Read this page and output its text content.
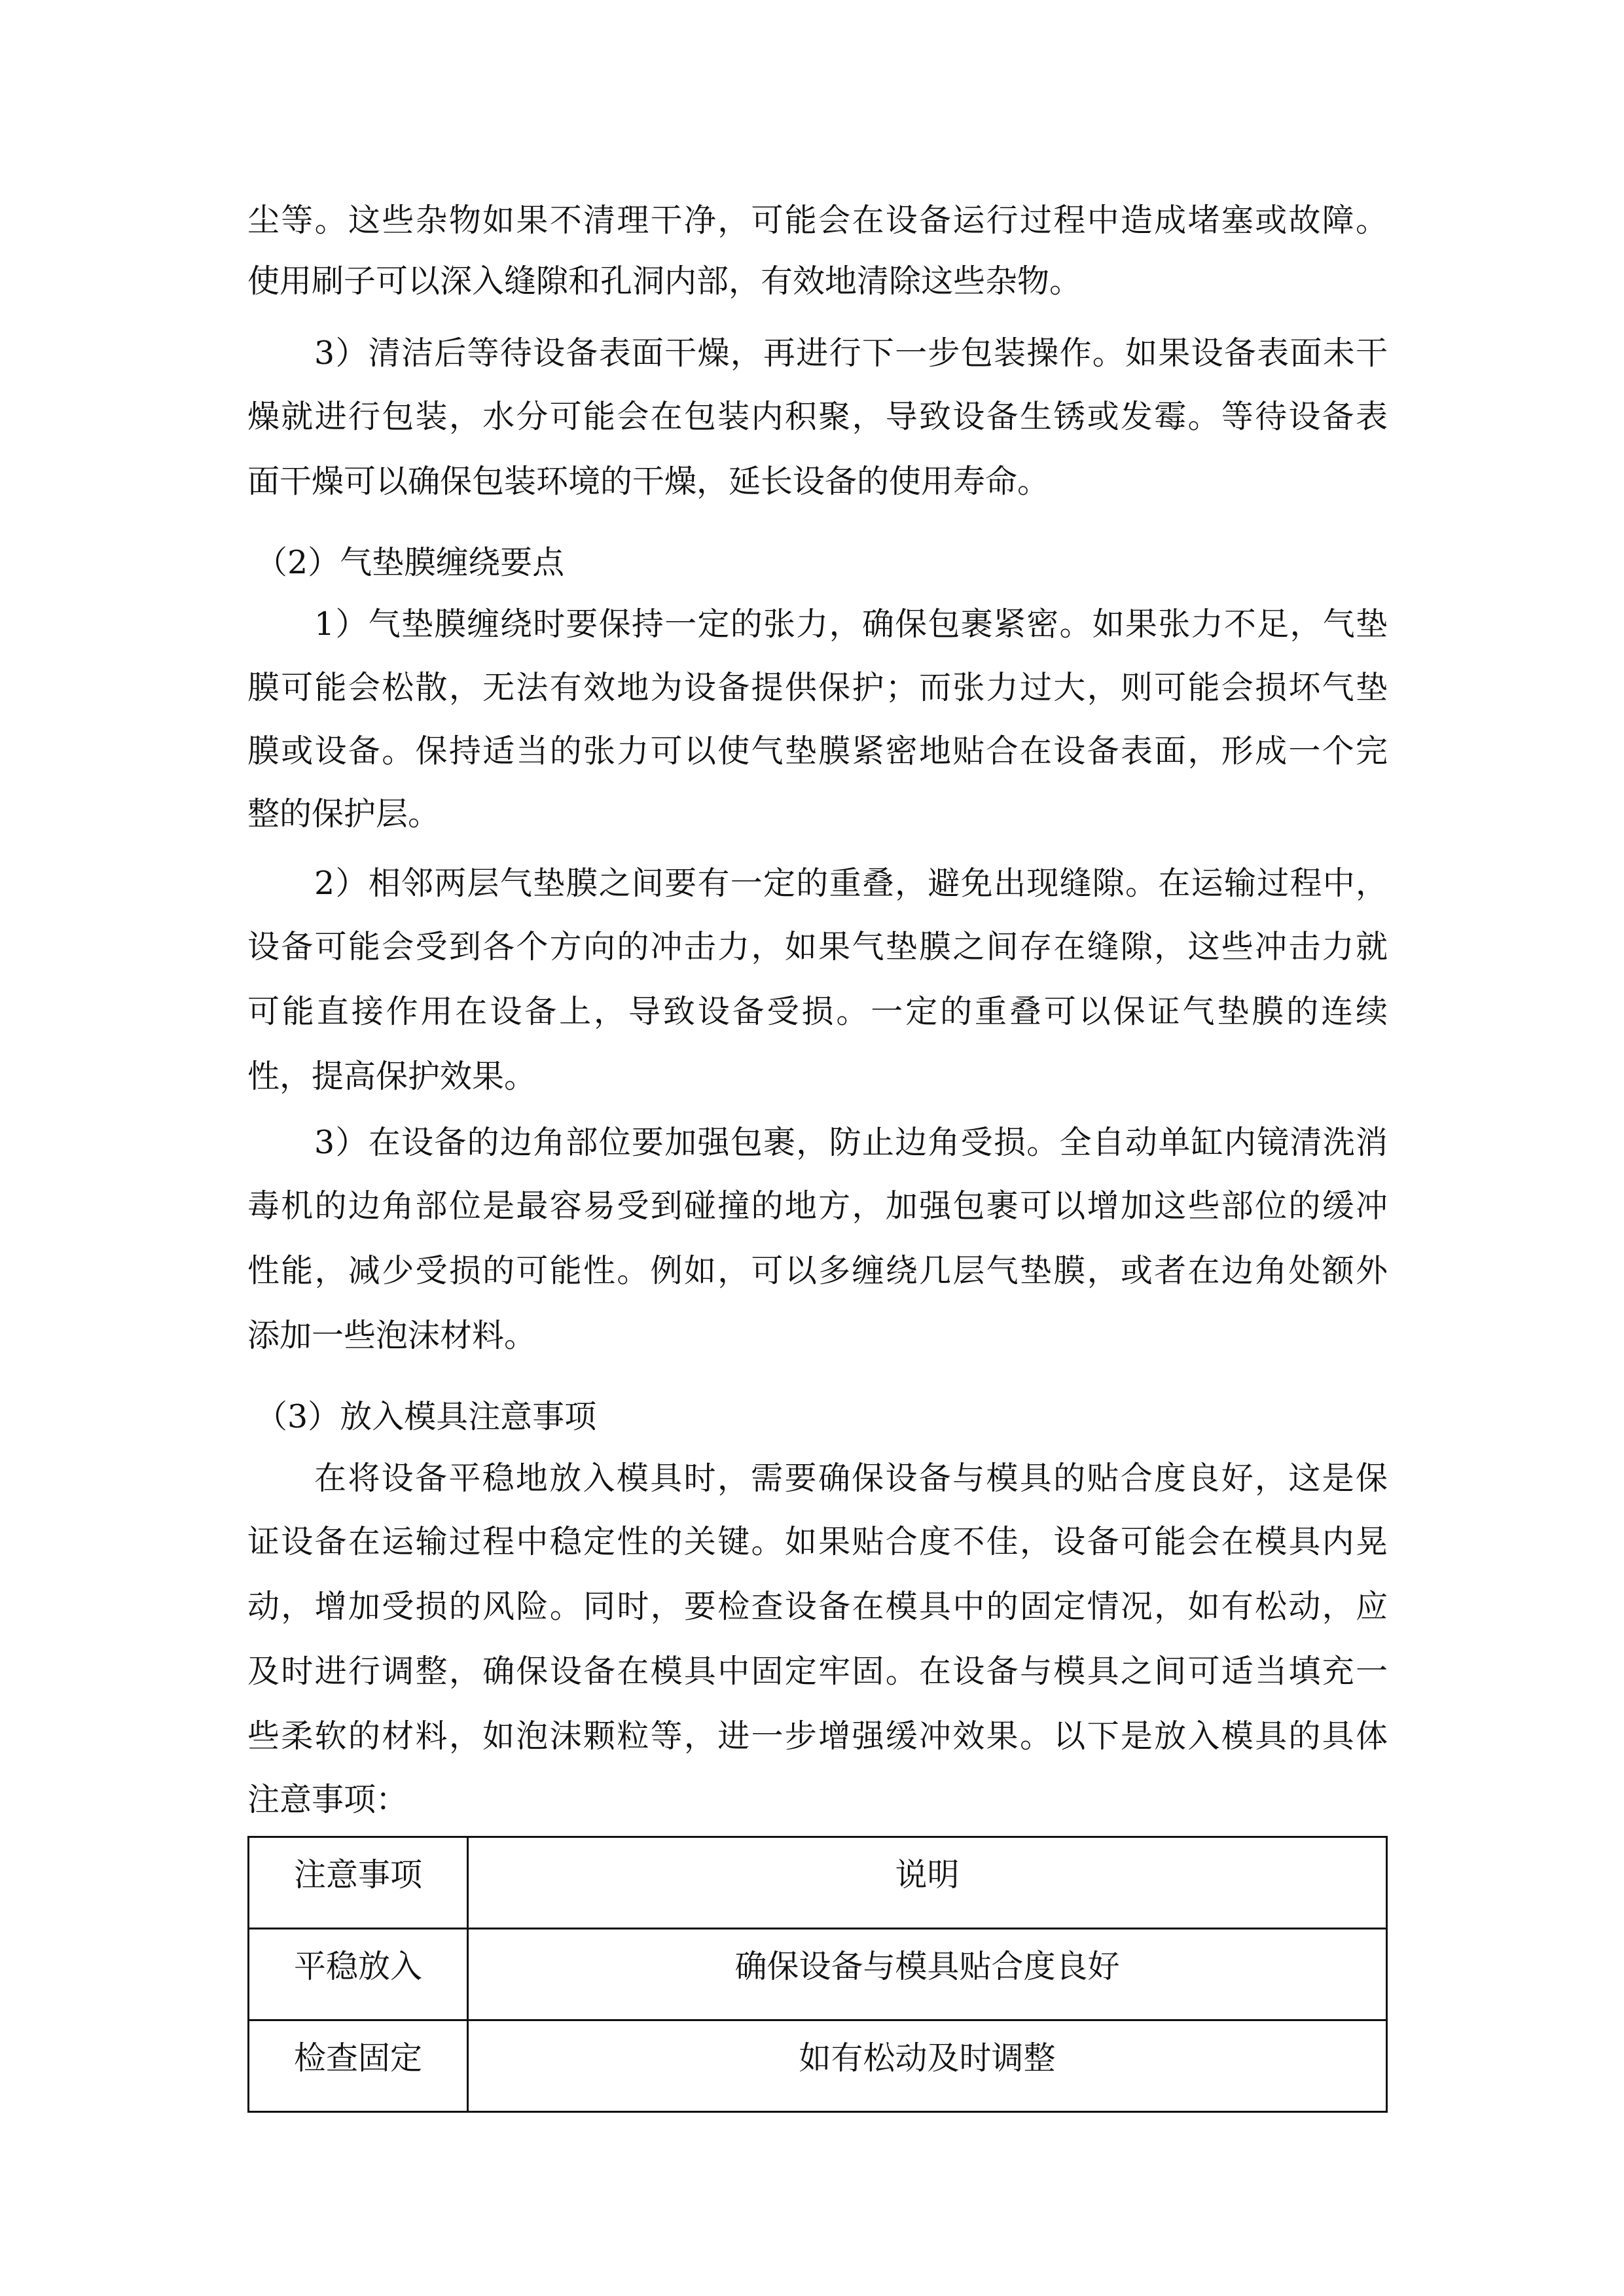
尘等。这些杂物如果不清理干净，可能会在设备运行过程中造成堵塞或故障。
使用刷子可以深入缝隙和孔洞内部，有效地清除这些杂物。
3）清洁后等待设备表面干燥，再进行下一步包装操作。如果设备表面未干
燥就进行包装，水分可能会在包装内积聚，导致设备生锈或发霉。等待设备表
面干燥可以确保包装环境的干燥，延长设备的使用寿命。
（2）气垫膜缠绕要点
1）气垫膜缠绕时要保持一定的张力，确保包裹紧密。如果张力不足，气垫
膜可能会松散，无法有效地为设备提供保护；而张力过大，则可能会损坏气垫
膜或设备。保持适当的张力可以使气垫膜紧密地贴合在设备表面，形成一个完
整的保护层。
2）相邻两层气垫膜之间要有一定的重叠，避免出现缝隙。在运输过程中，
设备可能会受到各个方向的冲击力，如果气垫膜之间存在缝隙，这些冲击力就
可能直接作用在设备上，导致设备受损。一定的重叠可以保证气垫膜的连续
性，提高保护效果。
3）在设备的边角部位要加强包裹，防止边角受损。全自动单缸内镜清洗消
毒机的边角部位是最容易受到碰撞的地方，加强包裹可以增加这些部位的缓冲
性能，减少受损的可能性。例如，可以多缠绕几层气垫膜，或者在边角处额外
添加一些泡沫材料。
（3）放入模具注意事项
在将设备平稳地放入模具时，需要确保设备与模具的贴合度良好，这是保
证设备在运输过程中稳定性的关键。如果贴合度不佳，设备可能会在模具内晃
动，增加受损的风险。同时，要检查设备在模具中的固定情况，如有松动，应
及时进行调整，确保设备在模具中固定牢固。在设备与模具之间可适当填充一
些柔软的材料，如泡沫颗粒等，进一步增强缓冲效果。以下是放入模具的具体
注意事项：
注意事项	说明
平稳放入	确保设备与模具贴合度良好
检查固定	如有松动及时调整
